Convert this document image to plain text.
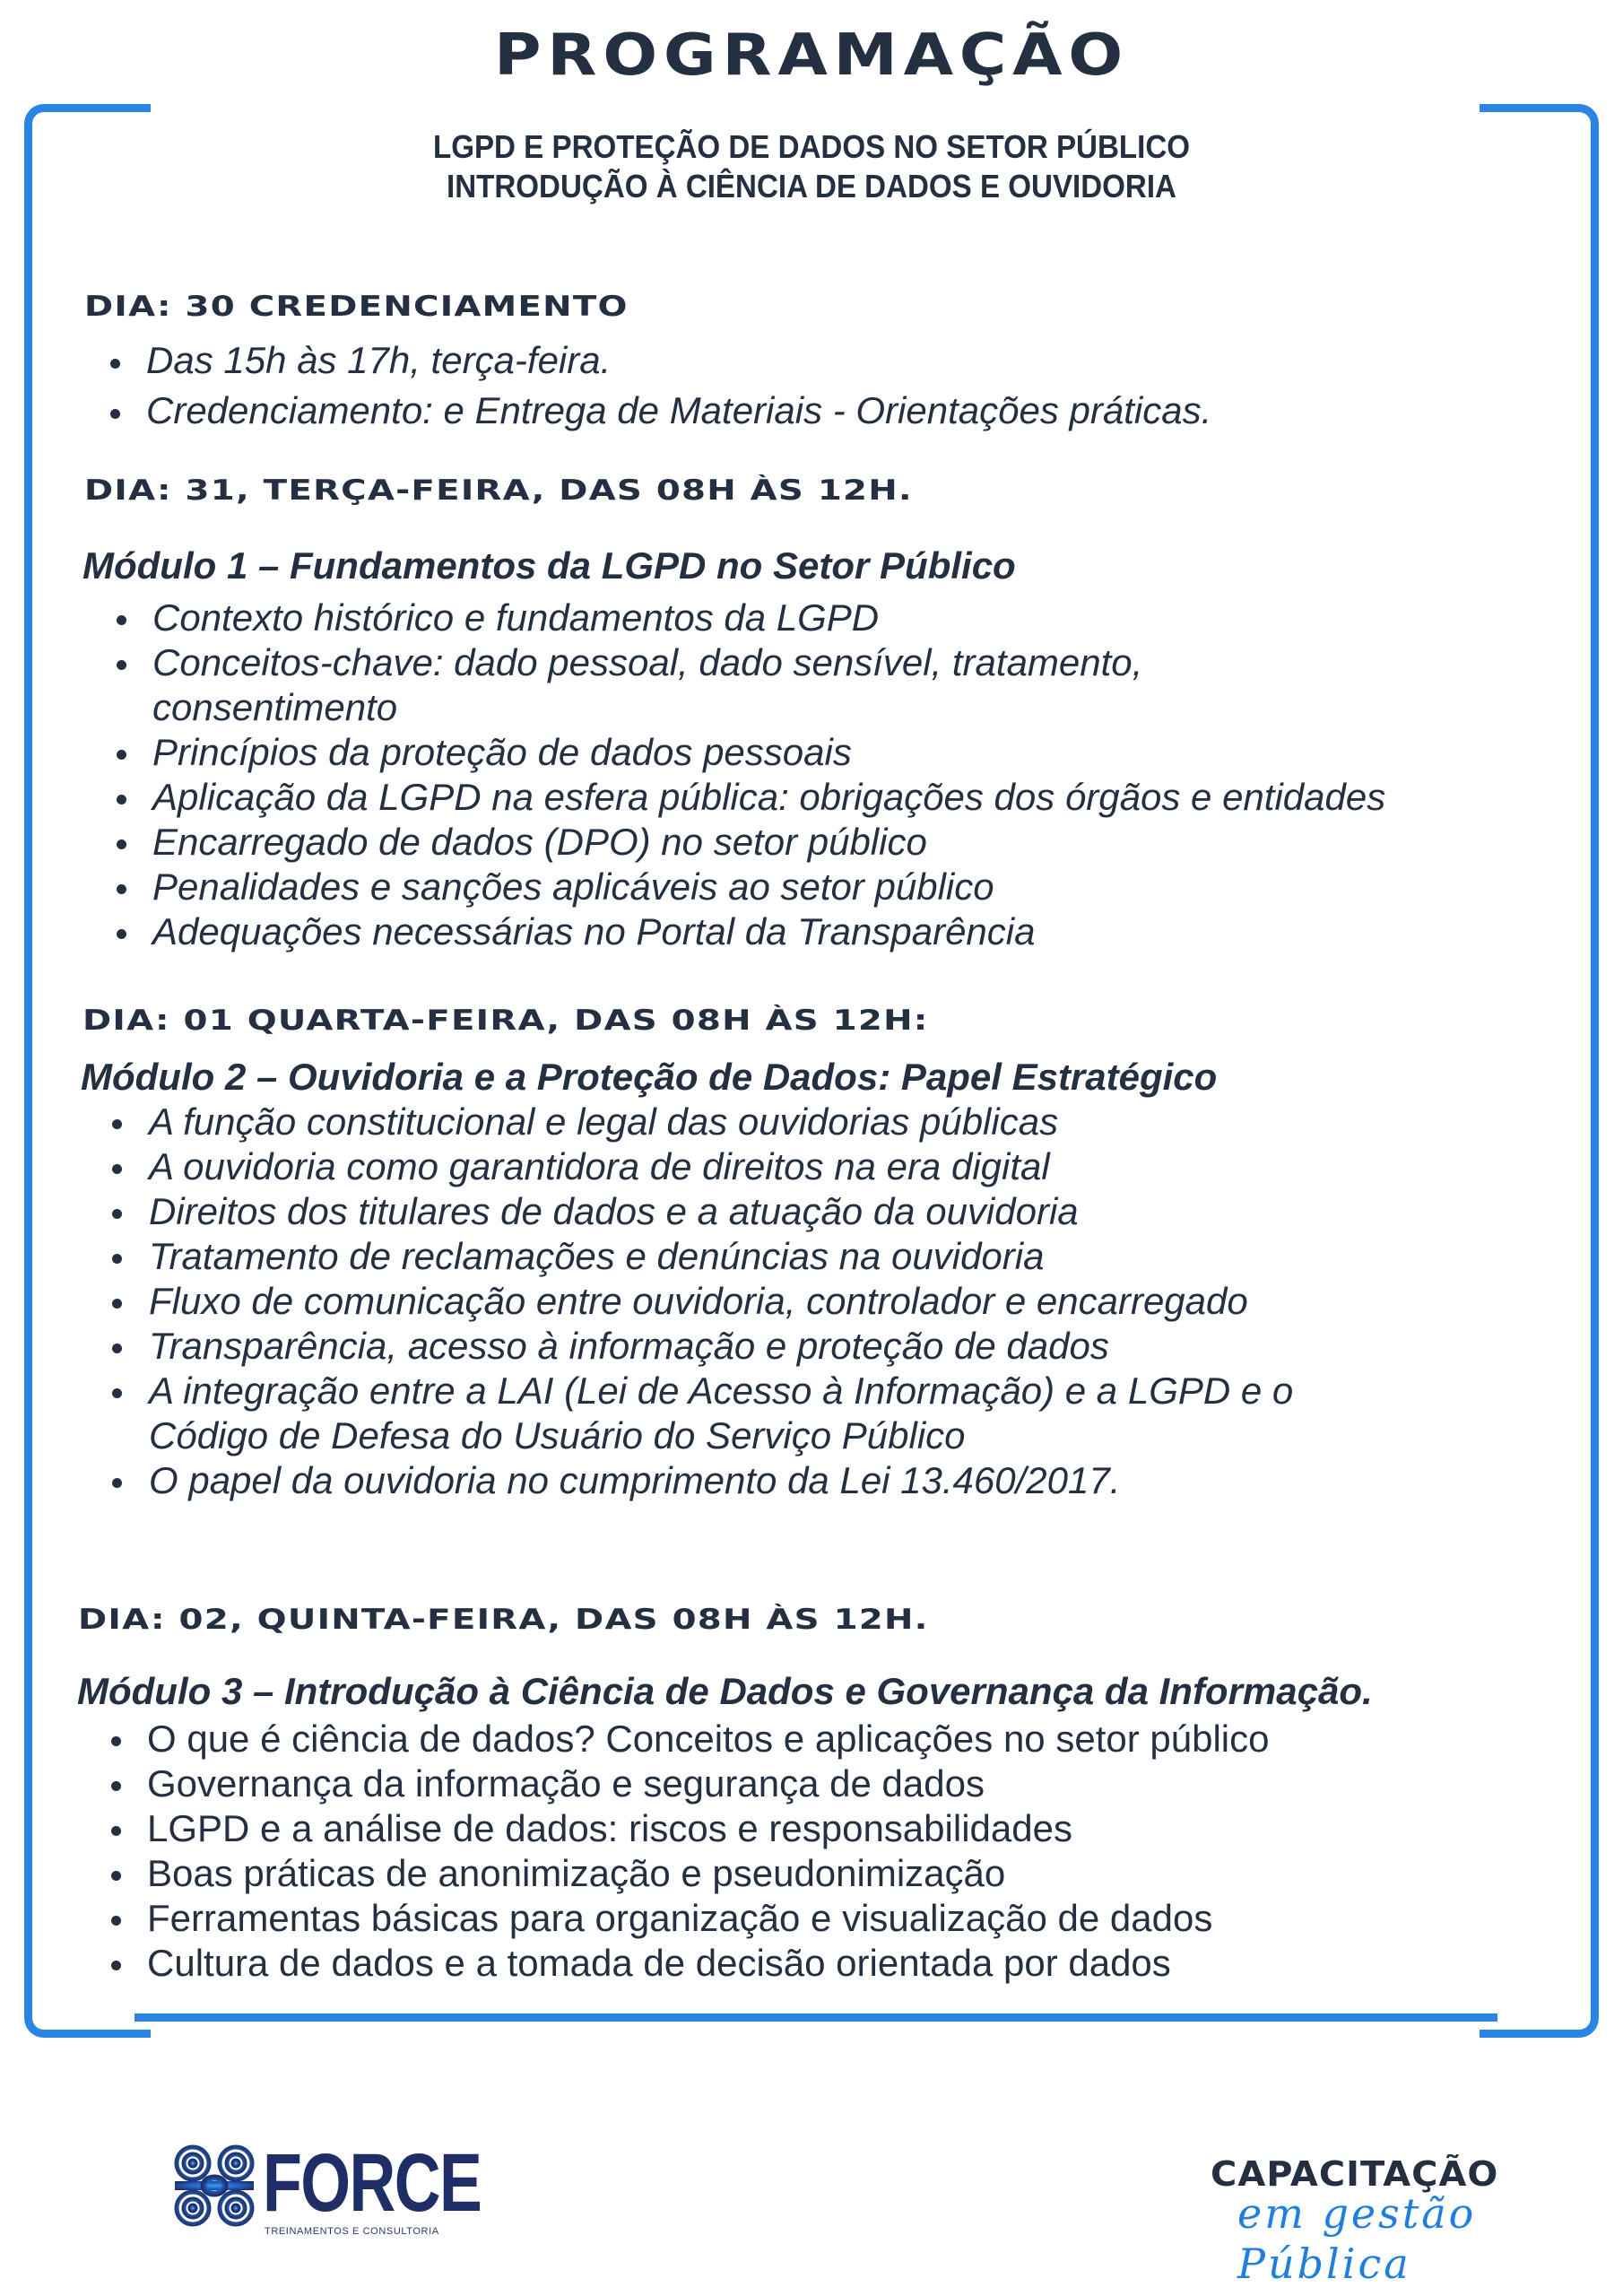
PROGRAMAÇÃO
LGPD E PROTEÇÃO DE DADOS NO SETOR PÚBLICO
INTRODUÇÃO À CIÊNCIA DE DADOS E OUVIDORIA
DIA: 30 CREDENCIAMENTO
Das 15h às 17h, terça-feira.
Credenciamento: e Entrega de Materiais - Orientações práticas.
DIA: 31, TERÇA-FEIRA, DAS 08H ÀS 12H.
Módulo 1 – Fundamentos da LGPD no Setor Público
Contexto histórico e fundamentos da LGPD
Conceitos-chave: dado pessoal, dado sensível, tratamento,
consentimento
Princípios da proteção de dados pessoais
Aplicação da LGPD na esfera pública: obrigações dos órgãos e entidades
Encarregado de dados (DPO) no setor público
Penalidades e sanções aplicáveis ao setor público
Adequações necessárias no Portal da Transparência
DIA: 01 QUARTA-FEIRA, DAS 08H ÀS 12H:
Módulo 2 – Ouvidoria e a Proteção de Dados: Papel Estratégico
A função constitucional e legal das ouvidorias públicas
A ouvidoria como garantidora de direitos na era digital
Direitos dos titulares de dados e a atuação da ouvidoria
Tratamento de reclamações e denúncias na ouvidoria
Fluxo de comunicação entre ouvidoria, controlador e encarregado
Transparência, acesso à informação e proteção de dados
A integração entre a LAI (Lei de Acesso à Informação) e a LGPD e o
Código de Defesa do Usuário do Serviço Público
O papel da ouvidoria no cumprimento da Lei 13.460/2017.
DIA: 02, QUINTA-FEIRA, DAS 08H ÀS 12H.
Módulo 3 – Introdução à Ciência de Dados e Governança da Informação.
O que é ciência de dados? Conceitos e aplicações no setor público
Governança da informação e segurança de dados
LGPD e a análise de dados: riscos e responsabilidades
Boas práticas de anonimização e pseudonimização
Ferramentas básicas para organização e visualização de dados
Cultura de dados e a tomada de decisão orientada por dados
FORCE
TREINAMENTOS E CONSULTORIA
CAPACITAÇÃO
em gestão Pública
